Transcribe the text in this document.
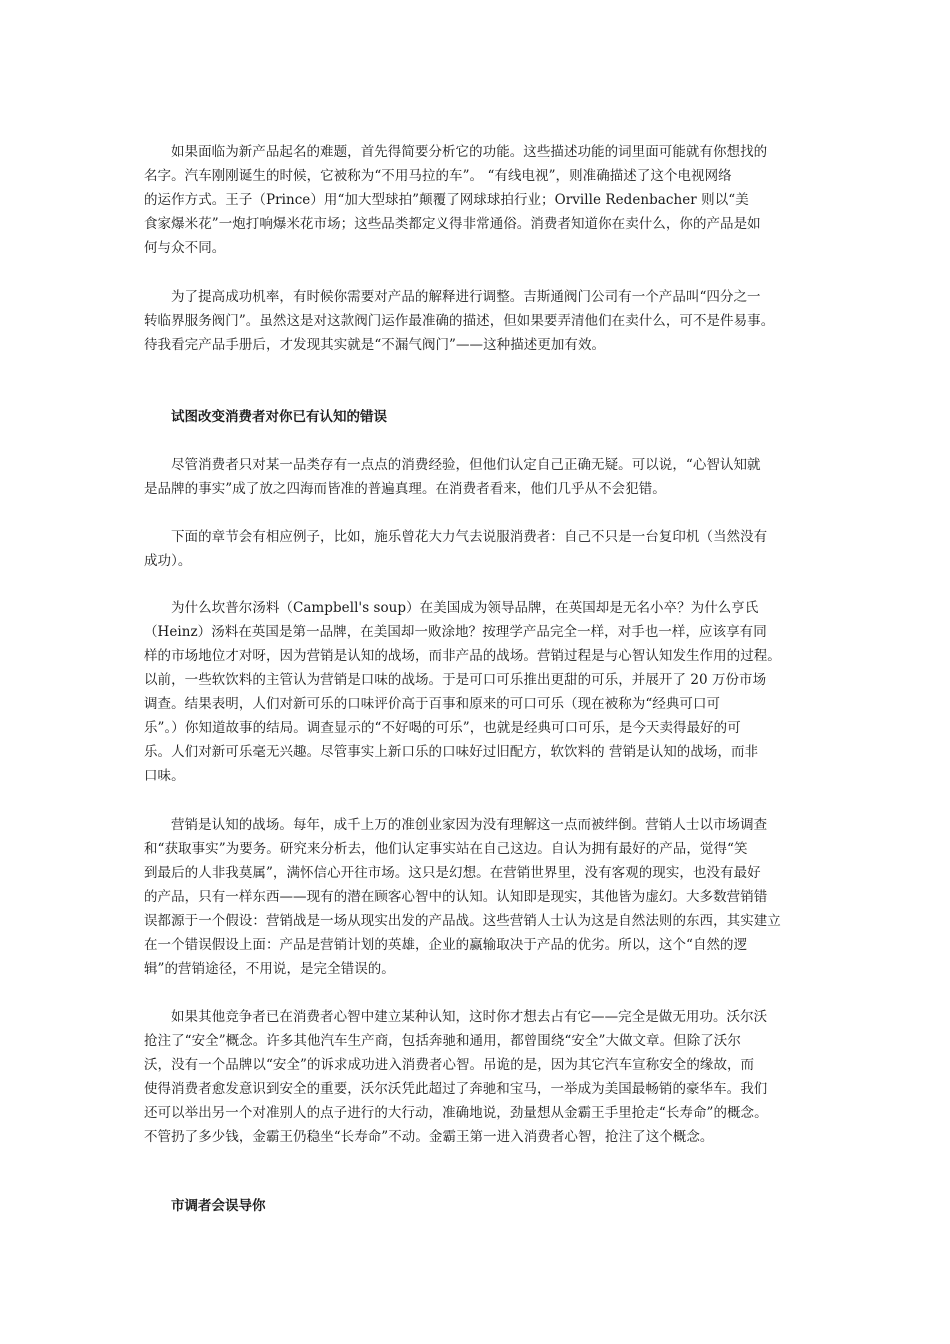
如果面临为新产品起名的难题，首先得简要分析它的功能。这些描述功能的词里面可能就有你想找的
名字。汽车刚刚诞生的时候，它被称为“不用马拉的车”。 “有线电视”，则准确描述了这个电视网络
的运作方式。王子（Prince）用“加大型球拍”颠覆了网球球拍行业；Orville Redenbacher 则以“美
食家爆米花”一炮打响爆米花市场；这些品类都定义得非常通俗。消费者知道你在卖什么，你的产品是如
何与众不同。
为了提高成功机率，有时候你需要对产品的解释进行调整。吉斯通阀门公司有一个产品叫“四分之一
转临界服务阀门”。虽然这是对这款阀门运作最准确的描述，但如果要弄清他们在卖什么，可不是件易事。
待我看完产品手册后，才发现其实就是“不漏气阀门”——这种描述更加有效。
试图改变消费者对你已有认知的错误
尽管消费者只对某一品类存有一点点的消费经验，但他们认定自己正确无疑。可以说，“心智认知就
是品牌的事实”成了放之四海而皆准的普遍真理。在消费者看来，他们几乎从不会犯错。
下面的章节会有相应例子，比如，施乐曾花大力气去说服消费者：自己不只是一台复印机（当然没有
成功）。
为什么坎普尔汤料（Campbell's soup）在美国成为领导品牌，在英国却是无名小卒？为什么亨氏
（Heinz）汤料在英国是第一品牌，在美国却一败涂地？按理学产品完全一样，对手也一样，应该享有同
样的市场地位才对呀，因为营销是认知的战场，而非产品的战场。营销过程是与心智认知发生作用的过程。
以前，一些软饮料的主管认为营销是口味的战场。于是可口可乐推出更甜的可乐，并展开了 20 万份市场
调查。结果表明，人们对新可乐的口味评价高于百事和原来的可口可乐（现在被称为“经典可口可
乐”。）你知道故事的结局。调查显示的“不好喝的可乐”，也就是经典可口可乐，是今天卖得最好的可
乐。人们对新可乐毫无兴趣。尽管事实上新口乐的口味好过旧配方，软饮料的 营销是认知的战场，而非
口味。
营销是认知的战场。每年，成千上万的准创业家因为没有理解这一点而被绊倒。营销人士以市场调查
和“获取事实”为要务。研究来分析去，他们认定事实站在自己这边。自认为拥有最好的产品，觉得“笑
到最后的人非我莫属”，满怀信心开往市场。这只是幻想。在营销世界里，没有客观的现实，也没有最好
的产品，只有一样东西——现有的潜在顾客心智中的认知。认知即是现实，其他皆为虚幻。大多数营销错
误都源于一个假设：营销战是一场从现实出发的产品战。这些营销人士认为这是自然法则的东西，其实建立
在一个错误假设上面：产品是营销计划的英雄，企业的赢输取决于产品的优劣。所以，这个“自然的逻
辑”的营销途径，不用说，是完全错误的。
如果其他竞争者已在消费者心智中建立某种认知，这时你才想去占有它——完全是做无用功。沃尔沃
抢注了“安全”概念。许多其他汽车生产商，包括奔驰和通用，都曾围绕“安全”大做文章。但除了沃尔
沃，没有一个品牌以“安全”的诉求成功进入消费者心智。吊诡的是，因为其它汽车宣称安全的缘故，而
使得消费者愈发意识到安全的重要，沃尔沃凭此超过了奔驰和宝马，一举成为美国最畅销的豪华车。我们
还可以举出另一个对准别人的点子进行的大行动，准确地说，劲量想从金霸王手里抢走“长寿命”的概念。
不管扔了多少钱，金霸王仍稳坐“长寿命”不动。金霸王第一进入消费者心智，抢注了这个概念。
市调者会误导你
